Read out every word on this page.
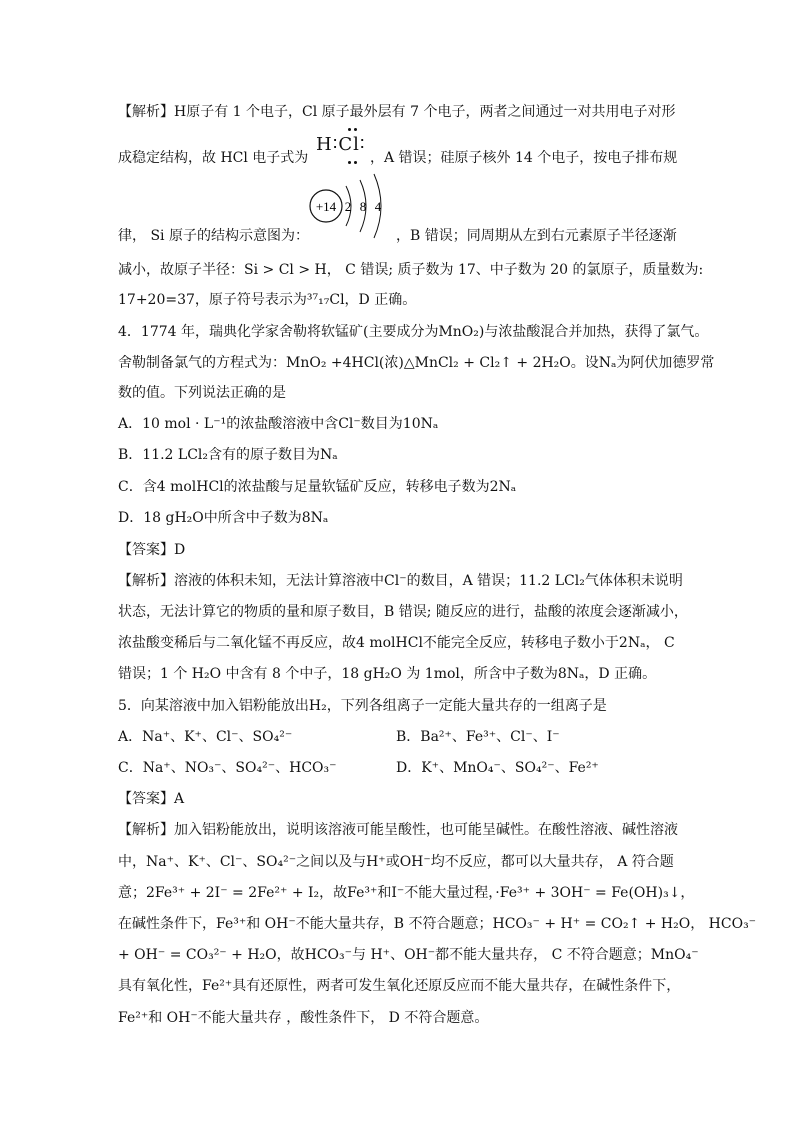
【解析】H原子有 1 个电子，Cl 原子最外层有 7 个电子，两者之间通过一对共用电子对形
成稳定结构，故 HCl 电子式为
H∶Cl∶
，A 错误；硅原子核外 14 个电子，按电子排布规
+14 2 8 4
律， Si 原子的结构示意图为：	，B 错误；同周期从左到右元素原子半径逐渐
减小，故原子半径：Si > Cl > H， C 错误; 质子数为 17、中子数为 20 的氯原子，质量数为:
17+20=37，原子符号表示为³⁷₁₇Cl，D 正确。
4．1774 年，瑞典化学家舍勒将软锰矿(主要成分为MnO₂)与浓盐酸混合并加热，获得了氯气。
舍勒制备氯气的方程式为：MnO₂ +4HCl(浓)△MnCl₂ + Cl₂↑ + 2H₂O。设Nₐ为阿伏加德罗常
数的值。下列说法正确的是
A．10 mol · L⁻¹的浓盐酸溶液中含Cl⁻数目为10Nₐ
B．11.2 LCl₂含有的原子数目为Nₐ
C．含4 molHCl的浓盐酸与足量软锰矿反应，转移电子数为2Nₐ
D．18 gH₂O中所含中子数为8Nₐ
【答案】D
【解析】溶液的体积未知，无法计算溶液中Cl⁻的数目，A 错误；11.2 LCl₂气体体积未说明
状态，无法计算它的物质的量和原子数目，B 错误; 随反应的进行，盐酸的浓度会逐渐减小，
浓盐酸变稀后与二氧化锰不再反应，故4 molHCl不能完全反应，转移电子数小于2Nₐ， C
错误；1 个 H₂O 中含有 8 个中子，18 gH₂O 为 1mol，所含中子数为8Nₐ，D 正确。
5．向某溶液中加入铝粉能放出H₂，下列各组离子一定能大量共存的一组离子是
A．Na⁺、K⁺、Cl⁻、SO₄²⁻	B．Ba²⁺、Fe³⁺、Cl⁻、I⁻
C．Na⁺、NO₃⁻、SO₄²⁻、HCO₃⁻	D．K⁺、MnO₄⁻、SO₄²⁻、Fe²⁺
【答案】A
【解析】加入铝粉能放出，说明该溶液可能呈酸性，也可能呈碱性。在酸性溶液、碱性溶液
中，Na⁺、K⁺、Cl⁻、SO₄²⁻之间以及与H⁺或OH⁻均不反应，都可以大量共存， A 符合题
意；2Fe³⁺ + 2I⁻ = 2Fe²⁺ + I₂，故Fe³⁺和I⁻不能大量过程，·Fe³⁺ + 3OH⁻ = Fe(OH)₃↓，
在碱性条件下，Fe³⁺和 OH⁻不能大量共存，B 不符合题意；HCO₃⁻ + H⁺ = CO₂↑ + H₂O， HCO₃⁻
+ OH⁻ = CO₃²⁻ + H₂O，故HCO₃⁻与 H⁺、OH⁻都不能大量共存， C 不符合题意；MnO₄⁻
具有氧化性，Fe²⁺具有还原性，两者可发生氧化还原反应而不能大量共存，在碱性条件下，
Fe²⁺和 OH⁻不能大量共存 ，酸性条件下， D 不符合题意。
